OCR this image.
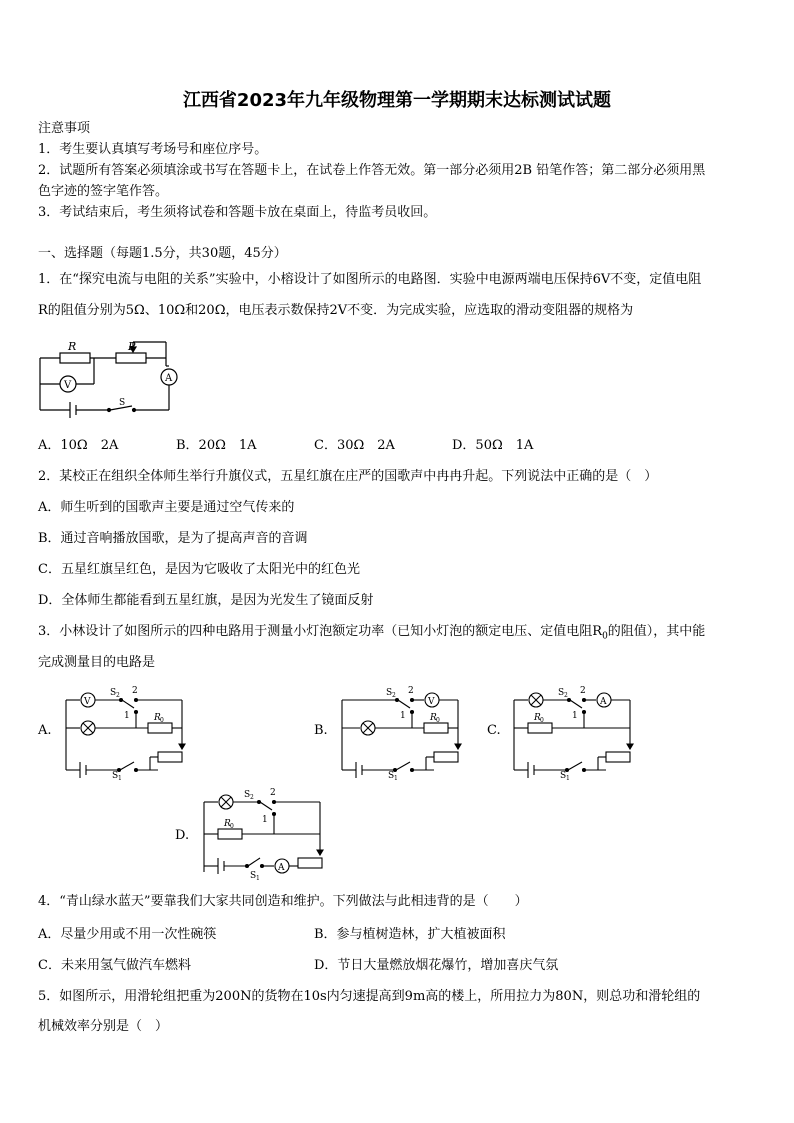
江西省2023年九年级物理第一学期期末达标测试试题
注意事项
1．考生要认真填写考场号和座位序号。
2．试题所有答案必须填涂或书写在答题卡上，在试卷上作答无效。第一部分必须用2B 铅笔作答；第二部分必须用黑
色字迹的签字笔作答。
3．考试结束后，考生须将试卷和答题卡放在桌面上，待监考员收回。
一、选择题（每题1.5分，共30题，45分）
1．在“探究电流与电阻的关系”实验中，小榕设计了如图所示的电路图．实验中电源两端电压保持6V不变，定值电阻
R的阻值分别为5Ω、10Ω和20Ω，电压表示数保持2V不变．为完成实验，应选取的滑动变阻器的规格为
R	P
V
A
S
A．10Ω　2A	B．20Ω　1A	C．30Ω　2A	D．50Ω　1A
2．某校正在组织全体师生举行升旗仪式，五星红旗在庄严的国歌声中冉冉升起。下列说法中正确的是（　）
A．师生听到的国歌声主要是通过空气传来的
B．通过音响播放国歌，是为了提高声音的音调
C．五星红旗呈红色，是因为它吸收了太阳光中的红色光
D．全体师生都能看到五星红旗，是因为光发生了镜面反射
3．小林设计了如图所示的四种电路用于测量小灯泡额定功率（已知小灯泡的额定电压、定值电阻$R_0$的阻值），其中能
完成测量目的电路是
A.	B.	C.
D.
V
S 2 2
1	R 0
S 1
V
S 2 2
1	R 0
S 1
A
S 2 2
1
R 0
S 1
S 2 2
1
R 0
A
S 1
4．“青山绿水蓝天”要靠我们大家共同创造和维护。下列做法与此相违背的是（　　）
A．尽量少用或不用一次性碗筷	B．参与植树造林，扩大植被面积
C．未来用氢气做汽车燃料	D．节日大量燃放烟花爆竹，增加喜庆气氛
5．如图所示，用滑轮组把重为200N的货物在10s内匀速提高到9m高的楼上，所用拉力为80N，则总功和滑轮组的
机械效率分别是（　）
